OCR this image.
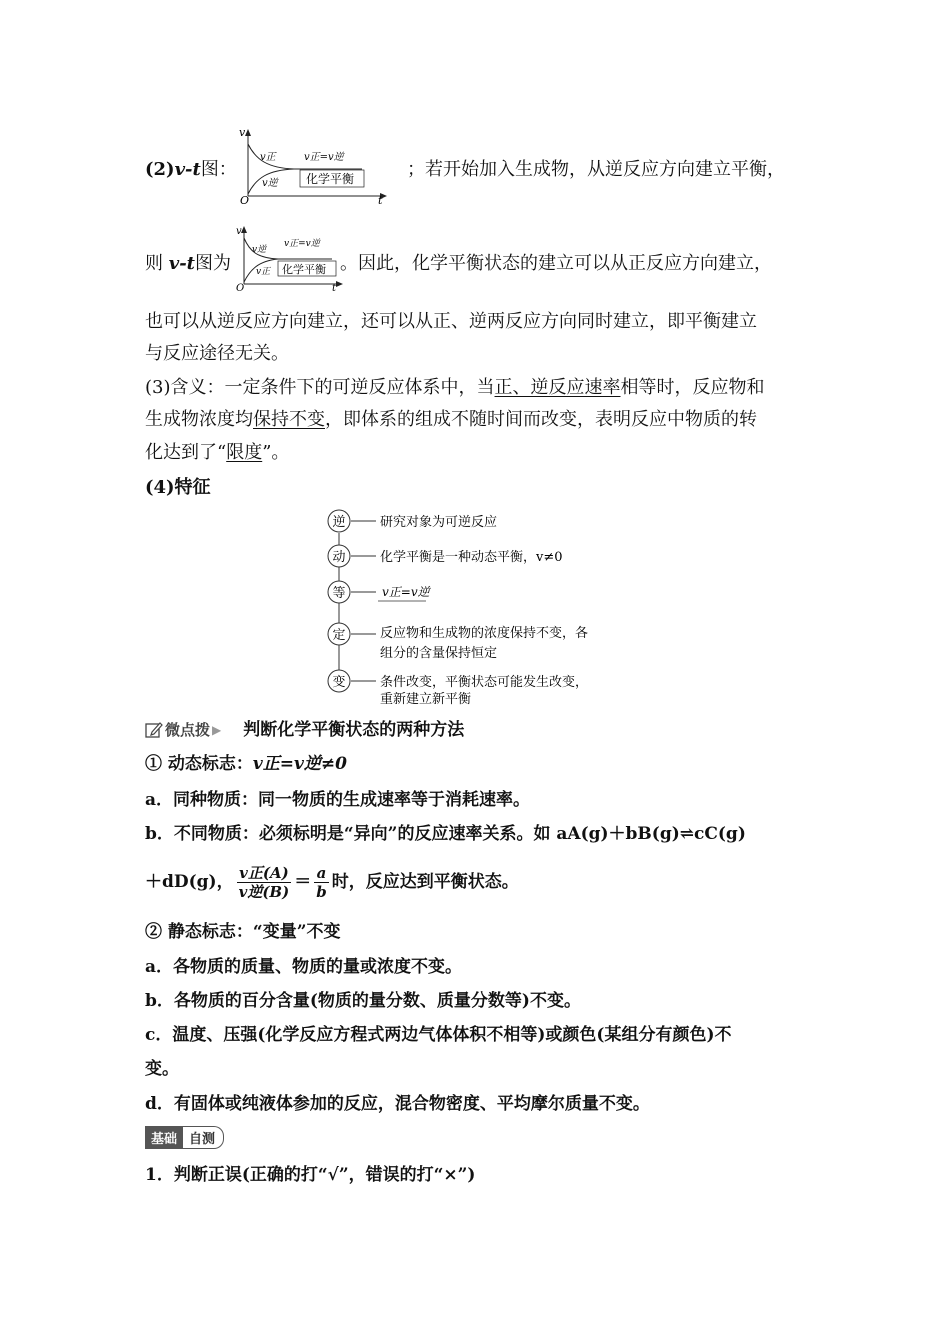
(2)v-t图：
v
O	t
v正
v逆
v正=v逆
化学平衡	；若开始加入生成物，从逆反应方向建立平衡，
则 v-t图为
v
O	t
v逆
v正
v正=v逆
化学平衡 。因此，化学平衡状态的建立可以从正反应方向建立，
也可以从逆反应方向建立，还可以从正、逆两反应方向同时建立，即平衡建立
与反应途径无关。
(3)含义：一定条件下的可逆反应体系中，当正、逆反应速率相等时，反应物和
生成物浓度均保持不变，即体系的组成不随时间而改变，表明反应中物质的转
化达到了“限度”。
(4)特征
逆	研究对象为可逆反应
动	化学平衡是一种动态平衡，v≠0
等	v正=v逆
定	反应物和生成物的浓度保持不变，各
组分的含量保持恒定
变	条件改变，平衡状态可能发生改变，
重新建立新平衡
微点拨 ▶ 判断化学平衡状态的两种方法
① 动态标志：v正=v逆≠0
a．同种物质：同一物质的生成速率等于消耗速率。
b．不同物质：必须标明是“异向”的反应速率关系。如 aA(g)＋bB(g)⇌cC(g)
＋dD(g)， $\frac{\text{v正(A)}}{\text{v逆(B)}} = \frac{a}{b}$ 时，反应达到平衡状态。
② 静态标志：“变量”不变
a．各物质的质量、物质的量或浓度不变。
b．各物质的百分含量(物质的量分数、质量分数等)不变。
c．温度、压强(化学反应方程式两边气体体积不相等)或颜色(某组分有颜色)不
变。
d．有固体或纯液体参加的反应，混合物密度、平均摩尔质量不变。
基础 自测
1．判断正误(正确的打“√”，错误的打“×”)
